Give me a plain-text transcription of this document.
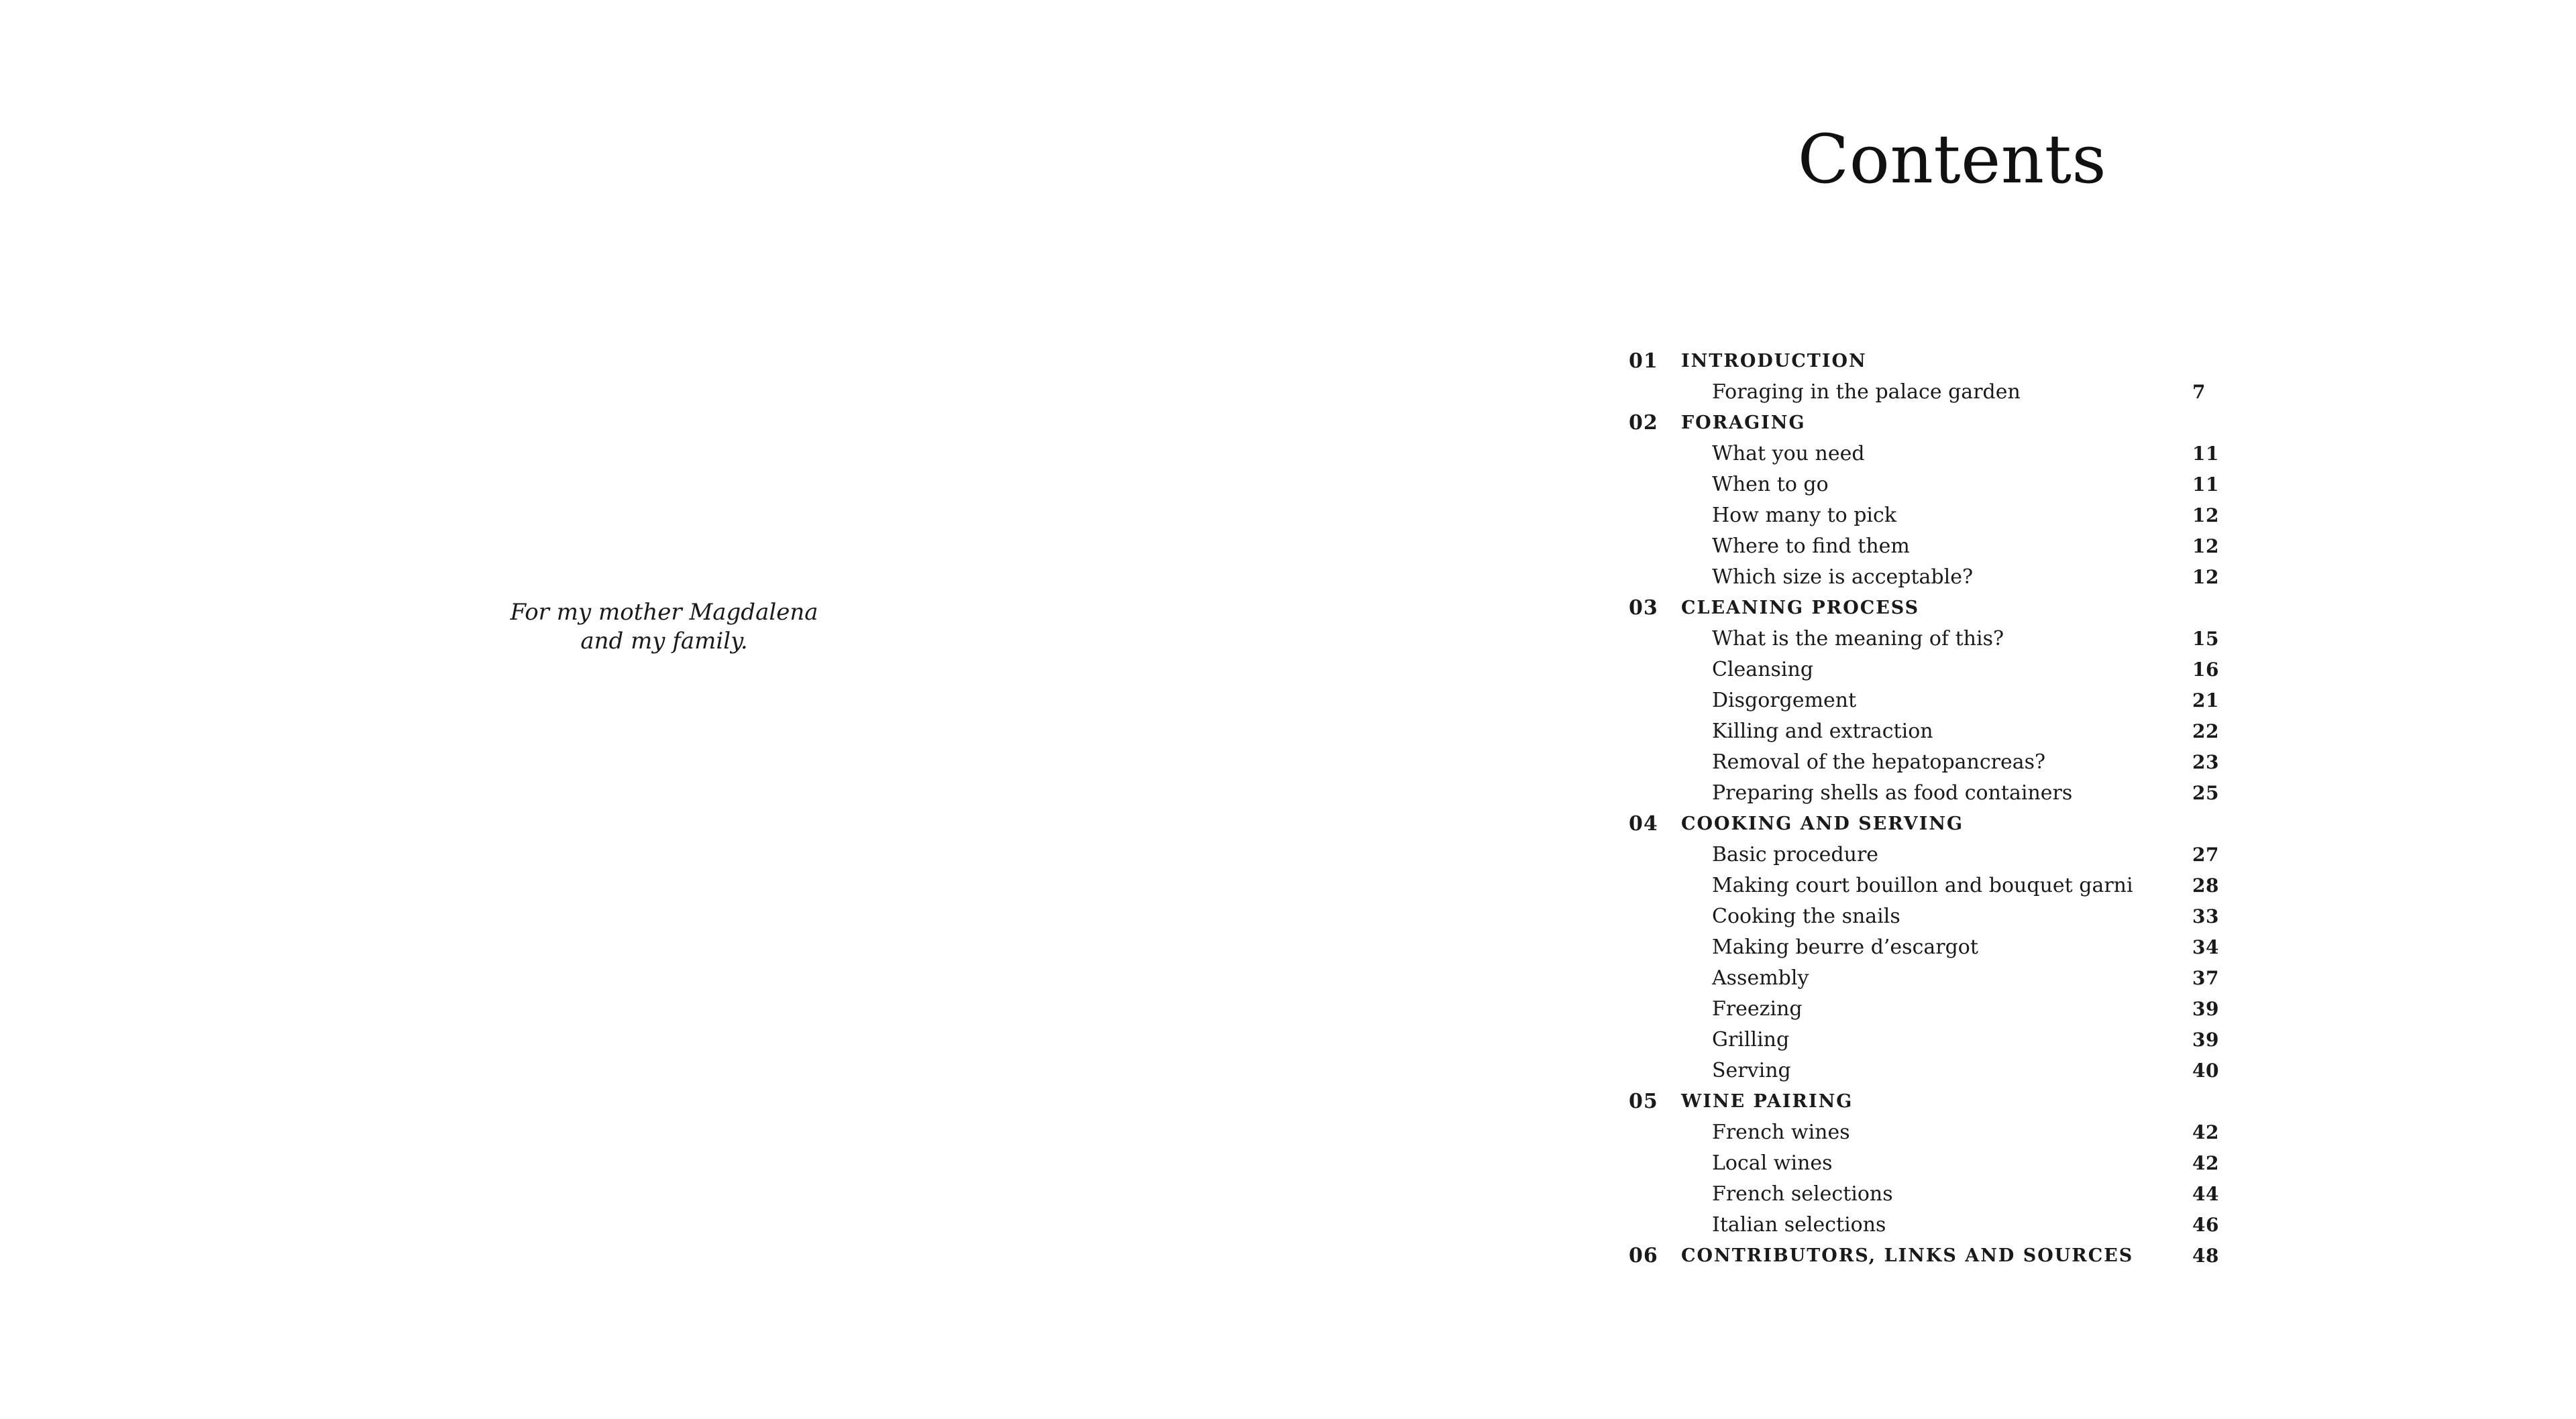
For my mother Magdalena
and my family.
Contents
01 INTRODUCTION
Foraging in the palace garden	7
02 FORAGING
What you need	11
When to go	11
How many to pick	12
Where to find them	12
Which size is acceptable?	12
03 CLEANING PROCESS
What is the meaning of this?	15
Cleansing	16
Disgorgement	21
Killing and extraction	22
Removal of the hepatopancreas?	23
Preparing shells as food containers	25
04 COOKING AND SERVING
Basic procedure	27
Making court bouillon and bouquet garni	28
Cooking the snails	33
Making beurre d’escargot	34
Assembly	37
Freezing	39
Grilling	39
Serving	40
05 WINE PAIRING
French wines	42
Local wines	42
French selections	44
Italian selections	46
06 CONTRIBUTORS, LINKS AND SOURCES	48
